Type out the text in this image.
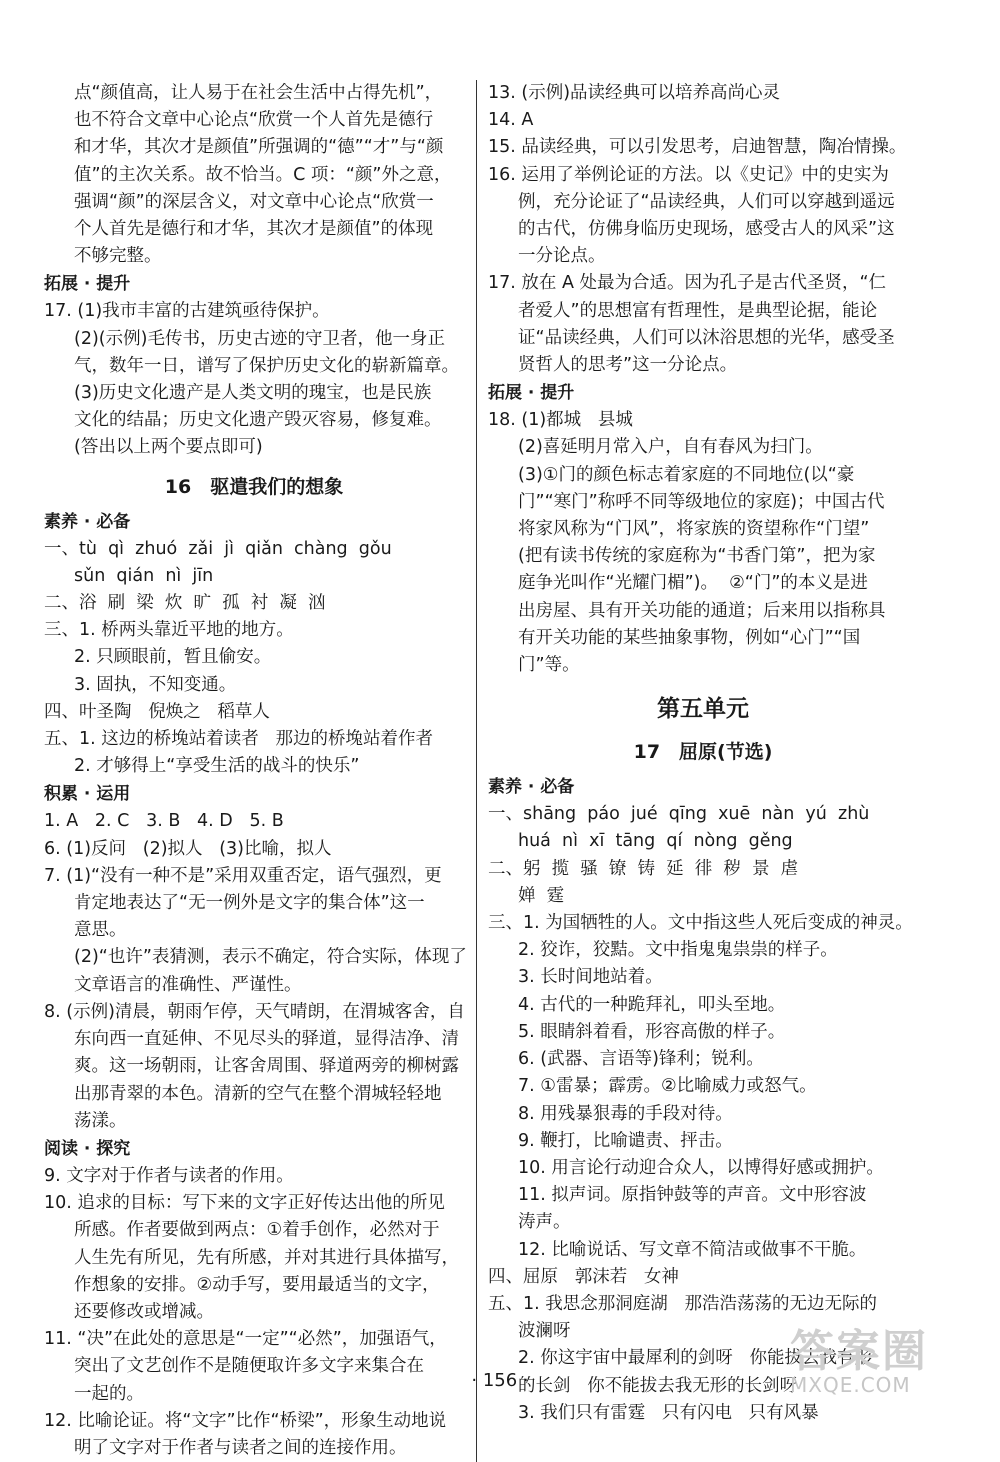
点“颜值高，让人易于在社会生活中占得先机”，
也不符合文章中心论点“欣赏一个人首先是德行
和才华，其次才是颜值”所强调的“德”“才”与“颜
值”的主次关系。故不恰当。C 项：“颜”外之意，
强调“颜”的深层含义，对文章中心论点“欣赏一
个人首先是德行和才华，其次才是颜值”的体现
不够完整。
拓展 · 提升
17. (1)我市丰富的古建筑亟待保护。
(2)(示例)毛传书，历史古迹的守卫者，他一身正
气，数年一日，谱写了保护历史文化的崭新篇章。
(3)历史文化遗产是人类文明的瑰宝，也是民族
文化的结晶；历史文化遗产毁灭容易，修复难。
(答出以上两个要点即可)
16　驱遣我们的想象
素养 · 必备
一、tù  qì  zhuó  zǎi  jì  qiǎn  chàng  gǒu
sǔn  qián  nì  jīn
二、浴  刷  梁  炊  旷  孤  衬  凝  汹
三、1. 桥两头靠近平地的地方。
2. 只顾眼前，暂且偷安。
3. 固执，不知变通。
四、叶圣陶   倪焕之   稻草人
五、1. 这边的桥堍站着读者   那边的桥堍站着作者
2. 才够得上“享受生活的战斗的快乐”
积累 · 运用
1. A   2. C   3. B   4. D   5. B
6. (1)反问   (2)拟人   (3)比喻，拟人
7. (1)“没有一种不是”采用双重否定，语气强烈，更
肯定地表达了“无一例外是文字的集合体”这一
意思。
(2)“也许”表猜测，表示不确定，符合实际，体现了
文章语言的准确性、严谨性。
8. (示例)清晨，朝雨乍停，天气晴朗，在渭城客舍，自
东向西一直延伸、不见尽头的驿道，显得洁净、清
爽。这一场朝雨，让客舍周围、驿道两旁的柳树露
出那青翠的本色。清新的空气在整个渭城轻轻地
荡漾。
阅读 · 探究
9. 文字对于作者与读者的作用。
10. 追求的目标：写下来的文字正好传达出他的所见
所感。作者要做到两点：①着手创作，必然对于
人生先有所见，先有所感，并对其进行具体描写，
作想象的安排。②动手写，要用最适当的文字，
还要修改或增减。
11. “决”在此处的意思是“一定”“必然”，加强语气，
突出了文艺创作不是随便取许多文字来集合在
一起的。
12. 比喻论证。将“文字”比作“桥梁”，形象生动地说
明了文字对于作者与读者之间的连接作用。
13. (示例)品读经典可以培养高尚心灵
14. A
15. 品读经典，可以引发思考，启迪智慧，陶冶情操。
16. 运用了举例论证的方法。以《史记》中的史实为
例，充分论证了“品读经典，人们可以穿越到遥远
的古代，仿佛身临历史现场，感受古人的风采”这
一分论点。
17. 放在 A 处最为合适。因为孔子是古代圣贤，“仁
者爱人”的思想富有哲理性，是典型论据，能论
证“品读经典，人们可以沐浴思想的光华，感受圣
贤哲人的思考”这一分论点。
拓展 · 提升
18. (1)都城   县城
(2)喜延明月常入户，自有春风为扫门。
(3)①门的颜色标志着家庭的不同地位(以“豪
门”“寒门”称呼不同等级地位的家庭)；中国古代
将家风称为“门风”，将家族的资望称作“门望”
(把有读书传统的家庭称为“书香门第”，把为家
庭争光叫作“光耀门楣”)。  ②“门”的本义是进
出房屋、具有开关功能的通道；后来用以指称具
有开关功能的某些抽象事物，例如“心门”“国
门”等。
第五单元
17　屈原(节选)
素养 · 必备
一、shāng  páo  jué  qīng  xuē  nàn  yú  zhù
huá  nì  xī  tāng  qí  nòng  gěng
二、躬  揽  骚  镣  铸  延  徘  秽  景  虐
婵  霆
三、1. 为国牺牲的人。文中指这些人死后变成的神灵。
2. 狡诈，狡黠。文中指鬼鬼祟祟的样子。
3. 长时间地站着。
4. 古代的一种跪拜礼，叩头至地。
5. 眼睛斜着看，形容高傲的样子。
6. (武器、言语等)锋利；锐利。
7. ①雷暴；霹雳。②比喻威力或怒气。
8. 用残暴狠毒的手段对待。
9. 鞭打，比喻谴责、抨击。
10. 用言论行动迎合众人，以博得好感或拥护。
11. 拟声词。原指钟鼓等的声音。文中形容波
涛声。
12. 比喻说话、写文章不简洁或做事不干脆。
四、屈原   郭沫若   女神
五、1. 我思念那洞庭湖   那浩浩荡荡的无边无际的
波澜呀
2. 你这宇宙中最犀利的剑呀   你能拔去我有形
的长剑   你不能拔去我无形的长剑呀
3. 我们只有雷霆   只有闪电   只有风暴
· 156 ·
答案圈
MXQE.COM
